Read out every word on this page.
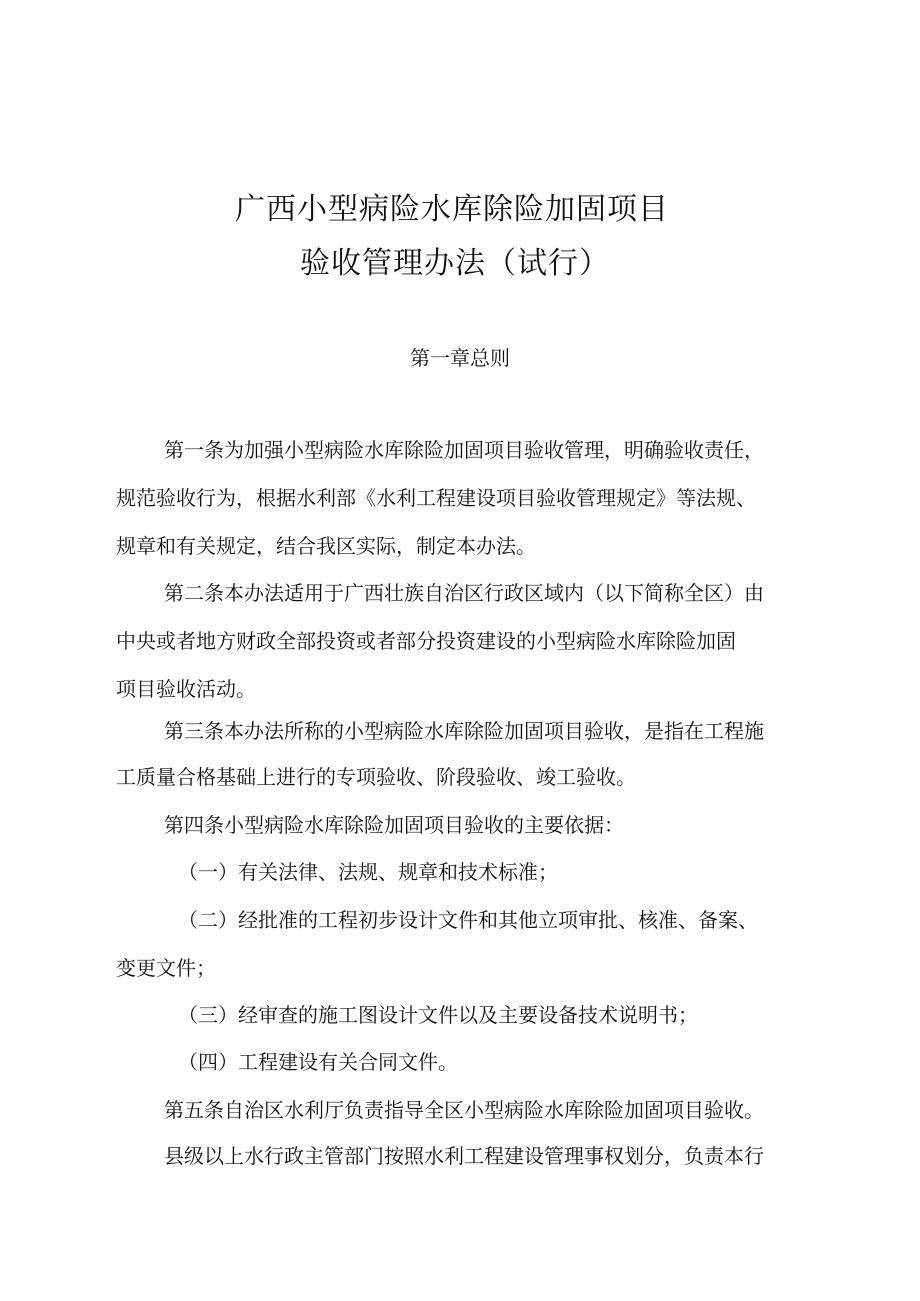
广西小型病险水库除险加固项目
验收管理办法（试行）
第一章总则
第一条为加强小型病险水库除险加固项目验收管理，明确验收责任，
规范验收行为，根据水利部《水利工程建设项目验收管理规定》等法规、
规章和有关规定，结合我区实际，制定本办法。
第二条本办法适用于广西壮族自治区行政区域内（以下简称全区）由
中央或者地方财政全部投资或者部分投资建设的小型病险水库除险加固
项目验收活动。
第三条本办法所称的小型病险水库除险加固项目验收，是指在工程施
工质量合格基础上进行的专项验收、阶段验收、竣工验收。
第四条小型病险水库除险加固项目验收的主要依据：
（一）有关法律、法规、规章和技术标准；
（二）经批准的工程初步设计文件和其他立项审批、核准、备案、
变更文件；
（三）经审查的施工图设计文件以及主要设备技术说明书；
（四）工程建设有关合同文件。
第五条自治区水利厅负责指导全区小型病险水库除险加固项目验收。
县级以上水行政主管部门按照水利工程建设管理事权划分，负责本行
